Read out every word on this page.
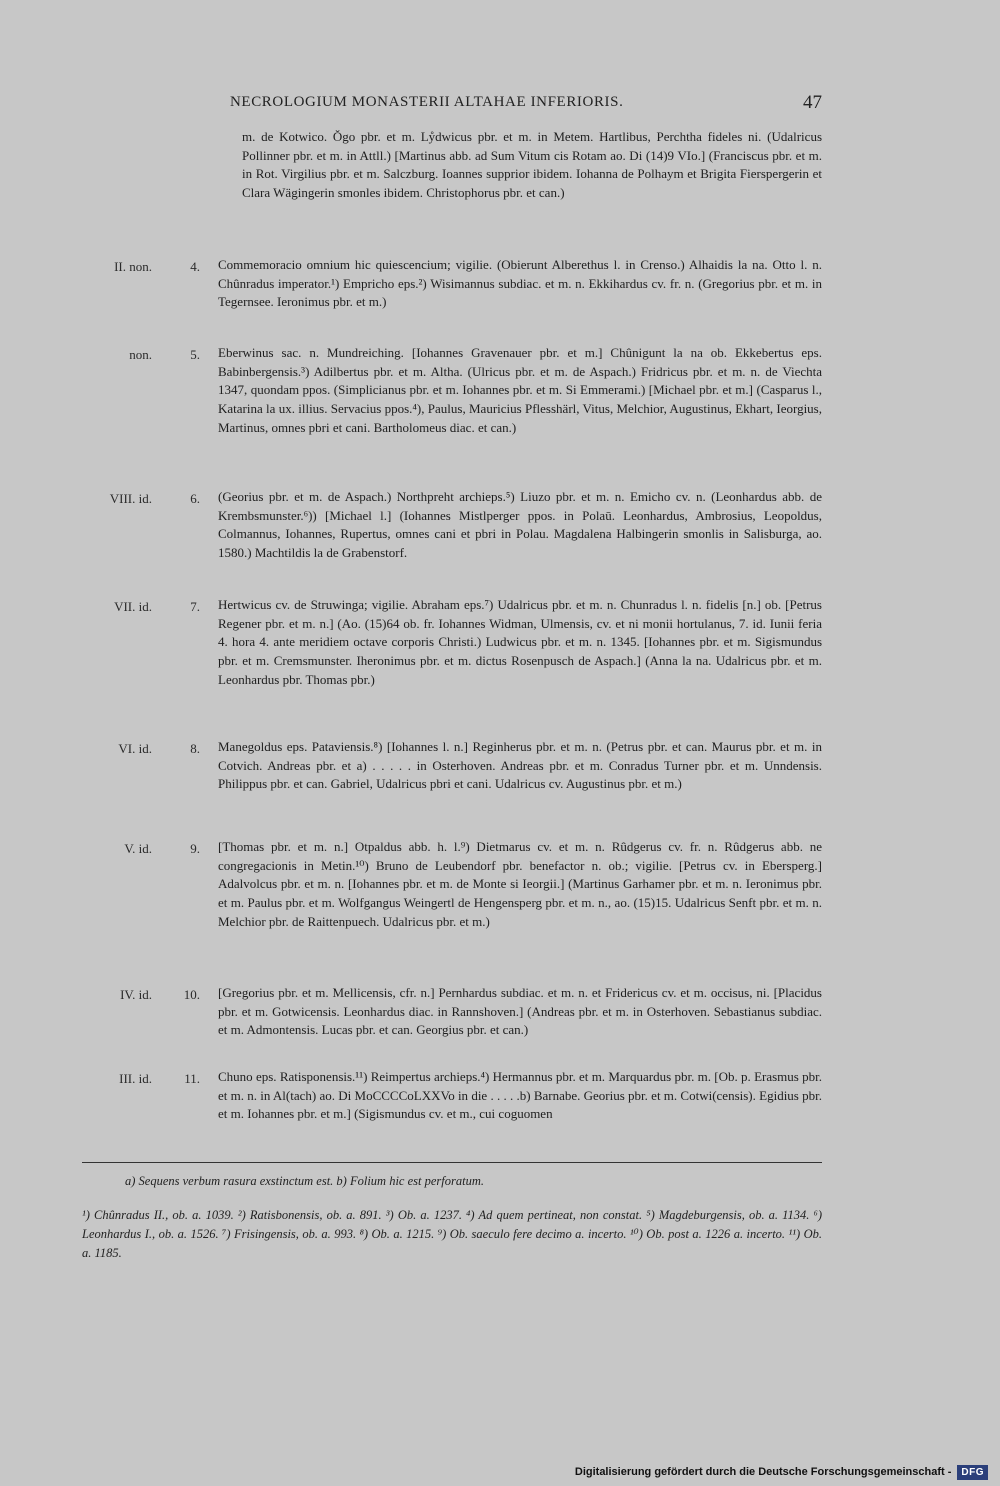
NECROLOGIUM MONASTERII ALTAHAE INFERIORIS.	47
m. de Kotwico. Ŏgo pbr. et m. Lẙdwicus pbr. et m. in Metem. Hartlibus, Perchtha fideles ni. (Udalricus Pollinner pbr. et m. in Attll.) [Martinus abb. ad Sum Vitum cis Rotam ao. Di (14)9 VIo.] (Franciscus pbr. et m. in Rot. Virgilius pbr. et m. Salczburg. Ioannes supprior ibidem. Iohanna de Polhaym et Brigita Fierspergerin et Clara Wägingerin smonles ibidem. Christophorus pbr. et can.)
II. non.	4. Commemoracio omnium hic quiescencium; vigilie. (Obierunt Alberethus l. in Crenso.) Alhaidis la na. Otto l. n. Chûnradus imperator.¹) Empricho eps.²) Wisimannus subdiac. et m. n. Ekkihardus cv. fr. n. (Gregorius pbr. et m. in Tegernsee. Ieronimus pbr. et m.)
non.	5. Eberwinus sac. n. Mundreiching. [Iohannes Gravenauer pbr. et m.] Chûnigunt la na ob. Ekkebertus eps. Babinbergensis.³) Adilbertus pbr. et m. Altha. (Ulricus pbr. et m. de Aspach.) Fridricus pbr. et m. n. de Viechta 1347, quondam ppos. (Simplicianus pbr. et m. Iohannes pbr. et m. Si Emmerami.) [Michael pbr. et m.] (Casparus l., Katarina la ux. illius. Servacius ppos.⁴), Paulus, Mauricius Pflesshärl, Vitus, Melchior, Augustinus, Ekhart, Ieorgius, Martinus, omnes pbri et cani. Bartholomeus diac. et can.)
VIII. id.	6. (Georius pbr. et m. de Aspach.) Northpreht archieps.⁵) Liuzo pbr. et m. n. Emicho cv. n. (Leonhardus abb. de Krembsmunster.⁶)) [Michael l.] (Iohannes Mistlperger ppos. in Polaū. Leonhardus, Ambrosius, Leopoldus, Colmannus, Iohannes, Rupertus, omnes cani et pbri in Polau. Magdalena Halbingerin smonlis in Salisburga, ao. 1580.) Machtildis la de Grabenstorf.
VII. id.	7. Hertwicus cv. de Struwinga; vigilie. Abraham eps.⁷) Udalricus pbr. et m. n. Chunradus l. n. fidelis [n.] ob. [Petrus Regener pbr. et m. n.] (Ao. (15)64 ob. fr. Iohannes Widman, Ulmensis, cv. et ni monii hortulanus, 7. id. Iunii feria 4. hora 4. ante meridiem octave corporis Christi.) Ludwicus pbr. et m. n. 1345. [Iohannes pbr. et m. Sigismundus pbr. et m. Cremsmunster. Iheronimus pbr. et m. dictus Rosenpusch de Aspach.] (Anna la na. Udalricus pbr. et m. Leonhardus pbr. Thomas pbr.)
VI. id.	8. Manegoldus eps. Pataviensis.⁸) [Iohannes l. n.] Reginherus pbr. et m. n. (Petrus pbr. et can. Maurus pbr. et m. in Cotvich. Andreas pbr. et a) . . . . . in Osterhoven. Andreas pbr. et m. Conradus Turner pbr. et m. Unndensis. Philippus pbr. et can. Gabriel, Udalricus pbri et cani. Udalricus cv. Augustinus pbr. et m.)
V. id.	9. [Thomas pbr. et m. n.] Otpaldus abb. h. l.⁹) Dietmarus cv. et m. n. Rûdgerus cv. fr. n. Rûdgerus abb. ne congregacionis in Metin.¹⁰) Bruno de Leubendorf pbr. benefactor n. ob.; vigilie. [Petrus cv. in Ebersperg.] Adalvolcus pbr. et m. n. [Iohannes pbr. et m. de Monte si Ieorgii.] (Martinus Garhamer pbr. et m. n. Ieronimus pbr. et m. Paulus pbr. et m. Wolfgangus Weingertl de Hengensperg pbr. et m. n., ao. (15)15. Udalricus Senft pbr. et m. n. Melchior pbr. de Raittenpuech. Udalricus pbr. et m.)
IV. id.	10. [Gregorius pbr. et m. Mellicensis, cfr. n.] Pernhardus subdiac. et m. n. et Fridericus cv. et m. occisus, ni. [Placidus pbr. et m. Gotwicensis. Leonhardus diac. in Rannshoven.] (Andreas pbr. et m. in Osterhoven. Sebastianus subdiac. et m. Admontensis. Lucas pbr. et can. Georgius pbr. et can.)
III. id.	11. Chuno eps. Ratisponensis.¹¹) Reimpertus archieps.⁴) Hermannus pbr. et m. Marquardus pbr. m. [Ob. p. Erasmus pbr. et m. n. in Al(tach) ao. Di MoCCCCoLXXVo in die . . . . .b) Barnabe. Georius pbr. et m. Cotwi(censis). Egidius pbr. et m. Iohannes pbr. et m.] (Sigismundus cv. et m., cui coguomen
a) Sequens verbum rasura exstinctum est. b) Folium hic est perforatum.
¹) Chûnradus II., ob. a. 1039. ²) Ratisbonensis, ob. a. 891. ³) Ob. a. 1237. ⁴) Ad quem pertineat, non constat. ⁵) Magdeburgensis, ob. a. 1134. ⁶) Leonhardus I., ob. a. 1526. ⁷) Frisingensis, ob. a. 993. ⁸) Ob. a. 1215. ⁹) Ob. saeculo fere decimo a. incerto. ¹⁰) Ob. post a. 1226 a. incerto. ¹¹) Ob. a. 1185.
Digitalisierung gefördert durch die Deutsche Forschungsgemeinschaft -	DFG
